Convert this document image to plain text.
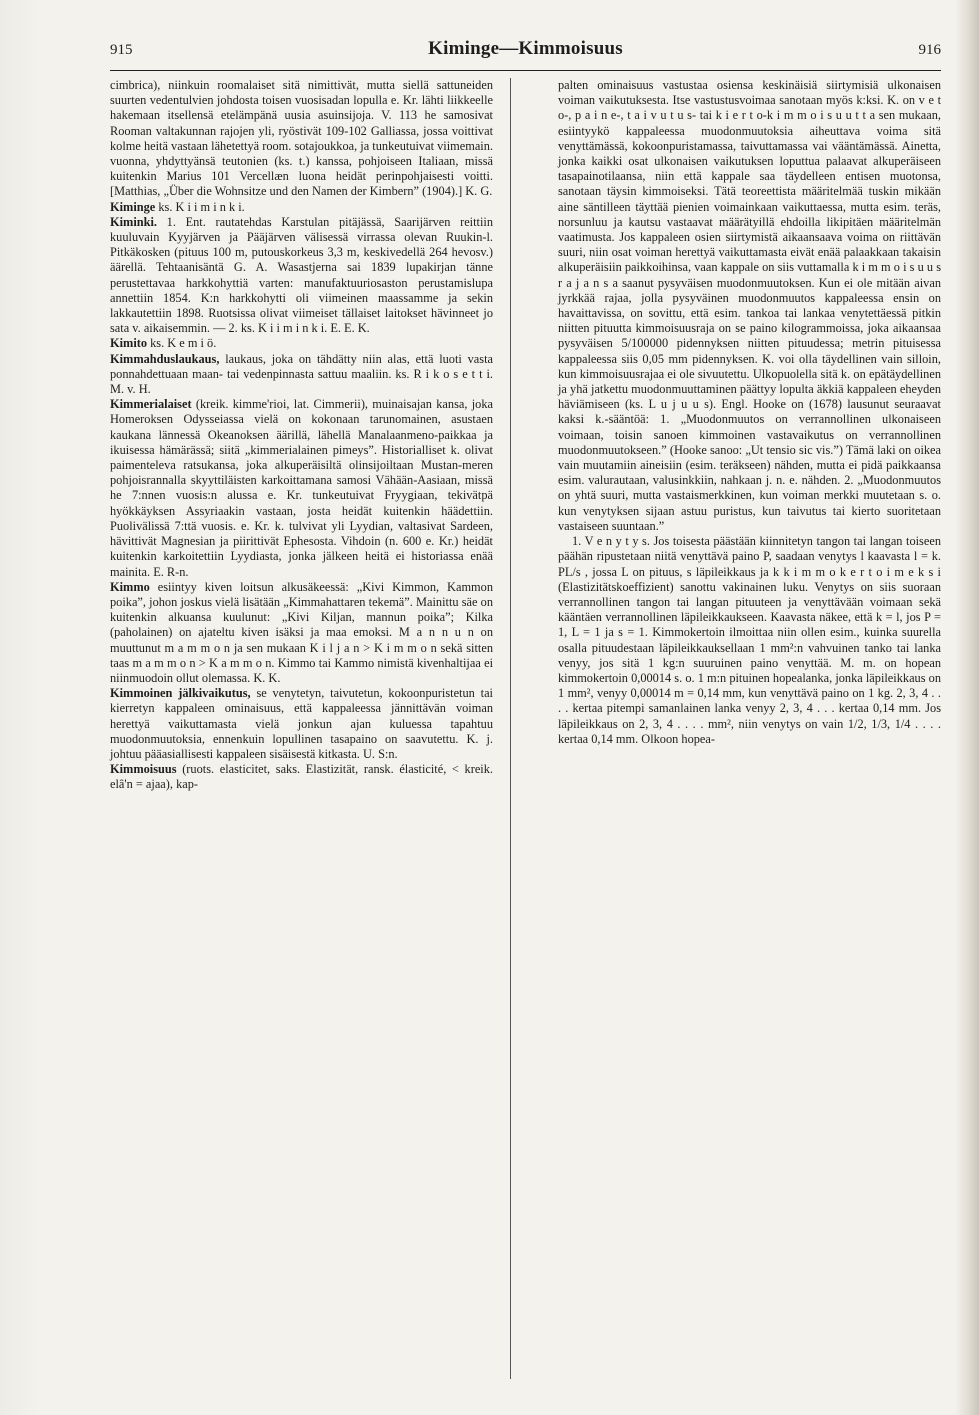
915	Kiminge—Kimmoisuus	916

cimbrica), niinkuin roomalaiset sitä nimittivät, mutta siellä sattuneiden suurten vedentulvien johdosta toisen vuosisadan lopulla e. Kr. lähti liikkeelle hakemaan itsellensä etelämpänä uusia asuinsijoja. V. 113 he samosivat Rooman valtakunnan rajojen yli, ryöstivät 109-102 Galliassa, jossa voittivat kolme heitä vastaan lähetettyä room. sotajoukkoa, ja tunkeutuivat viimemain. vuonna, yhdyttyänsä teutonien (ks. t.) kanssa, pohjoiseen Italiaan, missä kuitenkin Marius 101 Vercellæn luona heidät perinpohjaisesti voitti. [Matthias, „Über die Wohnsitze und den Namen der Kimbern” (1904).] K. G.

Kiminge ks. K i i m i n k i.

Kiminki. 1. Ent. rautatehdas Karstulan pitäjässä, Saarijärven reittiin kuuluvain Kyyjärven ja Pääjärven välisessä virrassa olevan Ruukin-l. Pitkäkosken (pituus 100 m, putouskorkeus 3,3 m, keskivedellä 264 hevosv.) äärellä. Tehtaanisäntä G. A. Wasastjerna sai 1839 lupakirjan tänne perustettavaa harkkohyttiä varten: manufaktuuriosaston perustamislupa annettiin 1854. K:n harkkohytti oli viimeinen maassamme ja sekin lakkautettiin 1898. Ruotsissa olivat viimeiset tällaiset laitokset hävinneet jo sata v. aikaisemmin. — 2. ks. K i i m i n k i. E. E. K.

Kimito ks. K e m i ö.

Kimmahduslaukaus, laukaus, joka on tähdätty niin alas, että luoti vasta ponnahdettuaan maan- tai vedenpinnasta sattuu maaliin. ks. R i k o s e t t i. M. v. H.

Kimmerialaiset (kreik. kimme'rioi, lat. Cimmerii), muinaisajan kansa, joka Homeroksen Odysseiassa vielä on kokonaan tarunomainen, asustaen kaukana lännessä Okeanoksen äärillä, lähellä Manalaanmeno-paikkaa ja ikuisessa hämärässä; siitä „kimmerialainen pimeys”. Historialliset k. olivat paimenteleva ratsukansa, joka alkuperäisiltä olinsijoiltaan Mustan-meren pohjoisrannalla skyyttiläisten karkoittamana samosi Vähään-Aasiaan, missä he 7:nnen vuosis:n alussa e. Kr. tunkeutuivat Fryygiaan, tekivätpä hyökkäyksen Assyriaakin vastaan, josta heidät kuitenkin häädettiin. Puolivälissä 7:ttä vuosis. e. Kr. k. tulvivat yli Lyydian, valtasivat Sardeen, hävittivät Magnesian ja piirittivät Ephesosta. Vihdoin (n. 600 e. Kr.) heidät kuitenkin karkoitettiin Lyydiasta, jonka jälkeen heitä ei historiassa enää mainita. E. R-n.

Kimmo esiintyy kiven loitsun alkusäkeessä: „Kivi Kimmon, Kammon poika”, johon joskus vielä lisätään „Kimmahattaren tekemä”. Mainittu säe on kuitenkin alkuansa kuulunut: „Kivi Kiljan, mannun poika”; Kilka (paholainen) on ajateltu kiven isäksi ja maa emoksi. M a n n u n on muuttunut m a m m o n ja sen mukaan K i l j a n > K i m m o n sekä sitten taas m a m m o n > K a m m o n. Kimmo tai Kammo nimistä kivenhaltijaa ei niinmuodoin ollut olemassa. K. K.

Kimmoinen jälkivaikutus, se venytetyn, taivutetun, kokoonpuristetun tai kierretyn kappaleen ominaisuus, että kappaleessa jännittävän voiman herettyä vaikuttamasta vielä jonkun ajan kuluessa tapahtuu muodonmuutoksia, ennenkuin lopullinen tasapaino on saavutettu. K. j. johtuu pääasiallisesti kappaleen sisäisestä kitkasta. U. S:n.

Kimmoisuus (ruots. elasticitet, saks. Elastizität, ransk. élasticité, < kreik. elâ'n = ajaa), kap-

palten ominaisuus vastustaa osiensa keskinäisiä siirtymisiä ulkonaisen voiman vaikutuksesta. Itse vastustusvoimaa sanotaan myös k:ksi. K. on v e t o-, p a i n e-, t a i v u t u s- tai k i e r t o-k i m m o i s u u t t a sen mukaan, esiintyykö kappaleessa muodonmuutoksia aiheuttava voima sitä venyttämässä, kokoonpuristamassa, taivuttamassa vai vääntämässä. Ainetta, jonka kaikki osat ulkonaisen vaikutuksen loputtua palaavat alkuperäiseen tasapainotilaansa, niin että kappale saa täydelleen entisen muotonsa, sanotaan täysin kimmoiseksi. Tätä teoreettista määritelmää tuskin mikään aine säntilleen täyttää pienien voimainkaan vaikuttaessa, mutta esim. teräs, norsunluu ja kautsu vastaavat määrätyillä ehdoilla likipitäen määritelmän vaatimusta. Jos kappaleen osien siirtymistä aikaansaava voima on riittävän suuri, niin osat voiman herettyä vaikuttamasta eivät enää palaakkaan takaisin alkuperäisiin paikkoihinsa, vaan kappale on siis vuttamalla k i m m o i s u u s r a j a n s a saanut pysyväisen muodonmuutoksen. Kun ei ole mitään aivan jyrkkää rajaa, jolla pysyväinen muodonmuutos kappaleessa ensin on havaittavissa, on sovittu, että esim. tankoa tai lankaa venytettäessä pitkin niitten pituutta kimmoisuusraja on se paino kilogrammoissa, joka aikaansaa pysyväisen 5/100000 pidennyksen niitten pituudessa; metrin pituisessa kappaleessa siis 0,05 mm pidennyksen. K. voi olla täydellinen vain silloin, kun kimmoisuusrajaa ei ole sivuutettu. Ulkopuolella sitä k. on epätäydellinen ja yhä jatkettu muodonmuuttaminen päättyy lopulta äkkiä kappaleen eheyden häviämiseen (ks. L u j u u s). Engl. Hooke on (1678) lausunut seuraavat kaksi k.-sääntöä: 1. „Muodonmuutos on verrannollinen ulkonaiseen voimaan, toisin sanoen kimmoinen vastavaikutus on verrannollinen muodonmuutokseen.” (Hooke sanoo: „Ut tensio sic vis.”) Tämä laki on oikea vain muutamiin aineisiin (esim. teräkseen) nähden, mutta ei pidä paikkaansa esim. valurautaan, valusinkkiin, nahkaan j. n. e. nähden. 2. „Muodonmuutos on yhtä suuri, mutta vastaismerkkinen, kun voiman merkki muutetaan s. o. kun venytyksen sijaan astuu puristus, kun taivutus tai kierto suoritetaan vastaiseen suuntaan.”

1. V e n y t y s. Jos toisesta päästään kiinnitetyn tangon tai langan toiseen päähän ripustetaan niitä venyttävä paino P, saadaan venytys l kaavasta l = k. PL/s , jossa L on pituus, s läpileikkaus ja k k i m m o k e r t o i m e k s i (Elastizitätskoeffizient) sanottu vakinainen luku. Venytys on siis suoraan verrannollinen tangon tai langan pituuteen ja venyttävään voimaan sekä kääntäen verrannollinen läpileikkaukseen. Kaavasta näkee, että k = l, jos P = 1, L = 1 ja s = 1. Kimmokertoin ilmoittaa niin ollen esim., kuinka suurella osalla pituudestaan läpileikkauksellaan 1 mm²:n vahvuinen tanko tai lanka venyy, jos sitä 1 kg:n suuruinen paino venyttää. M. m. on hopean kimmokertoin 0,00014 s. o. 1 m:n pituinen hopealanka, jonka läpileikkaus on 1 mm², venyy 0,00014 m = 0,14 mm, kun venyttävä paino on 1 kg. 2, 3, 4 . . . . kertaa pitempi samanlainen lanka venyy 2, 3, 4 . . . kertaa 0,14 mm. Jos läpileikkaus on 2, 3, 4 . . . . mm², niin venytys on vain 1/2, 1/3, 1/4 . . . . kertaa 0,14 mm. Olkoon hopea-
